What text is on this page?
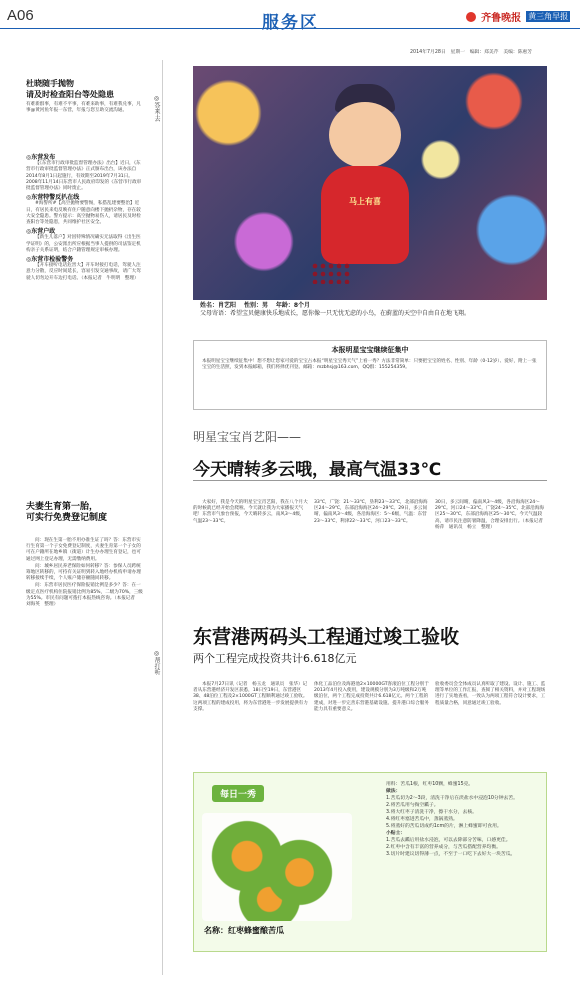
A06	服务区	齐鲁晚报 黄三角早报
2014年7月28日　星期一　编辑：郑美芹　美编：陈惠芳
杜晓随手抛物
请及时检查阳台等处隐患
有难新群事，有难不平事，有难来助事，有难我兑事，凡事@黄河鱼年报一东营，年报与您互助交流沟通。
◎东营发布

【《东营市行政审批监督管理办法》出台】近日，《东营市行政审批监督管理办法》正式颁布出台，该办法自2014年8月1日起施行，有效期至2019年7月31日。2008年11月14日东营市人民政府印发的《东营市行政审批监督管理办法》同时废止。

◎东营特警反扒在线

#海警所#【高空抛物要警惕，私搭乱建要整治】近日，有居民来电反映有住户随意向楼下抛扔杂物，存在较大安全隐患。警方提示：高空抛物易伤人，请居民及时检查阳台等处隐患，共同维护社区安全。

◎东营户政

【新生儿落户】对因特殊情况确实无法取得《出生医学证明》的，公安派出所应根据当事人提供的司法鉴定机构亲子关系证明，结合户籍管理规定审核办理。

◎东营市检验警务

【开车接听电话危害大】开车时接打电话，驾驶人注意力分散，反应时间延长，容易引发交通事故，请广大驾驶人切勿边开车边打电话。（本报记者　牛明明　整理）

夫妻生育第一胎，
可实行免费登记制度

问：现在生第一胎不用办准生证了吗？答：东营市实行生育第一个子女免费登记制度，夫妻生育第一个子女的可在户籍所在地乡镇（街道）计生办办理生育登记，也可通过网上登记办理，无需缴纳费用。

问：城乡居民养老保险如何转移？答：参保人员跨统筹地区转移的，可持有关证明到转入地经办机构申请办理转移接续手续，个人账户储存额随同转移。

问：东营市居民医疗保险报销比例是多少？答：在一级定点医疗机构住院报销比例为85%，二级为70%，三级为55%。市民有问题可拨打本报热线咨询。（本报记者　刘海英　整理）

◎答来·去
◎帮打听
马上有喜
姓名：肖艺阳 性别：男 年龄：8个月
父母寄语：希望宝贝健康快乐地成长，愿你像一只无忧无虑的小鸟，在蔚蓝的天空中自由自在地飞翔。
本报明星宝宝继续征集中
本报明星宝宝继续征集中！想不想让您家可爱的宝宝占本报“明星宝宝秀天气”上看一秀？方法非常简单：只要把宝宝的姓名、性别、年龄（0-12岁）、爱好，附上一张宝宝的生活照，发到本报邮箱，我们将择优刊登。邮箱：mzbhsj@163.com，QQ群：155254359。
明星宝宝肖艺阳——
今天晴转多云哦，最高气温33℃
大家好，我是今天的明星宝宝肖艺阳，我在八个月大的时候就已经开始会爬啦。今天就让我为大家播报天气吧！东营市气象台预报，今天晴转多云，南风3～4级，气温23～33℃。
33℃，广饶：21～33℃，垦利23～33℃，北部沿海海区24～29℃，东部沿海海区24～29℃。29日，多云间晴，偏南风3～4级，各沿海海区：5～6级，气温：东营23～33℃，利津22～33℃，河口23～33℃。
30日，多云间晴，偏南风3～4级，各沿海海区24～29℃。河口24～33℃，广饶24～35℃，北部沿海海区25～30℃，东部沿海海区25～30℃。今天气温较高，请市民注意防暑降温，合理安排出行。（本报记者　杨萍　通讯员　杨立　整理）
东营港两码头工程通过竣工验收
两个工程完成投资共计6.618亿元
本报7月27日讯（记者　杨玉龙　通讯员　张华）记者从东营港经济开发区获悉，18日至19日，东营港区38、48泊位工程及2×1000GT工程顺利通过竣工验收。这两项工程的建成投用，将为东营港进一步发展提供有力支撑。
体化工品泊位及海港池2×10000GT客滚泊位工程分别于2013年4月投入使用，建设规模分别为3万吨级和2万吨级泊位，两个工程完成投资共计6.618亿元。两个工程的建成，对进一步完善东营港基础设施、提升港口综合服务能力具有重要意义。
验收委员会全体成员认真听取了建设、设计、施工、监理等单位的工作汇报，查阅了相关资料，并对工程现场进行了实地查看，一致认为两项工程符合设计要求，工程质量合格，同意通过竣工验收。
每日一秀
名称：红枣蜂蜜酿苦瓜
用料：苦瓜1根，红枣10颗，蜂蜜15克。
做法：
1.苦瓜切为2～3段，清洗干净后在淡盐水中浸泡10分钟去苦。
2.将苦瓜用勺掏空瓤子。
3.将大红枣子清洗干净，擦干水分，去核。
4.将红枣塞进苦瓜中，蒸锅蒸熟。
5.将蒸好的苦瓜切成约1cm的片，淋上蜂蜜即可食用。
小贴士：
1.苦瓜去瓤后用盐水浸泡，可以去除部分苦味，口感更佳。
2.红枣中含有丰富的营养成分，与苦瓜搭配营养均衡。
3.切片时建议切得薄一点，不至于一口吃下去好大一块苦瓜。
